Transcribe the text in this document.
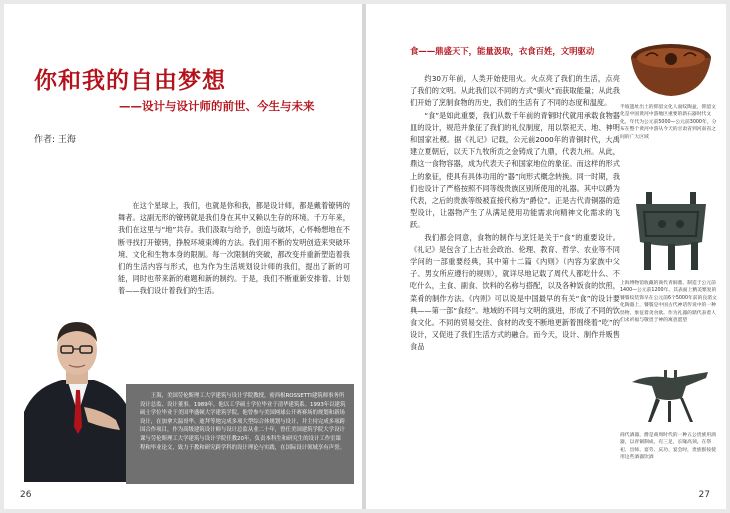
你和我的自由梦想
——设计与设计师的前世、今生与未来
作者: 王海

在这个星球上，我们，也就是你和我，都是设计师，都是戴着镣铐的舞者。这副无形的镣铐就是我们身在其中又赖以生存的环境。千万年来，我们在这里与“地”共存。我们汲取与给予，创造与破坏，心怀畅想地在不断寻找打开镣铐，挣脱环境束缚的方法。我们用不断的发明创造来突破环境、文化和生物本身的限制。每一次限制的突破，都改变并重新塑造着我们的生活内容与形式，也为作为生活规划设计师的我们，提出了新的可能，同时也带来新的难题和新的制约。于是，我们不断重新安排着、计划着——我们设计着我们的生活。

王海，美国劳伦斯理工大学建筑与设计学院教授，密西根ROSSETTI建筑师事务所设计总监、设计董事。1989年，他以工学硕士学位毕业于清华建筑系。1993年以建筑硕士学位毕业于美国华盛顿大学建筑学院。他曾参与美国网球公开赛赛场的规划和新场设计，在加拿大温哥华、迪拜等地完成多项大型综合体规划与设计，并主持完成多项跨国合作项目，作为高级建筑设计师与设计总监从业二十年，曾任美国建筑学院大学设计课与劳伦斯理工大学建筑与设计学院任教20年，负责本科生和研究生的设计工作室课程和毕业论文，致力于教和研究跨学科的设计理论与实践，在国际设计领域享有声誉。

26
食——鼎盛天下，能量汲取，衣食百姓，文明驱动

约30万年前，人类开始使用火。火点亮了我们的生活，点亮了我们的文明。从此我们以不同的方式“驯火”而获取能量；从此我们开始了烹制食物的历史，我们的生活有了不同的态度和温度。

“食”是如此重要，我们从数千年前的青铜时代就用承载食物器皿的设计，规范并象征了我们的礼仪制度，用以祭祀天、地、神明和国家社稷。据《礼记》记载，公元前2000年的青铜时代，大禹建立夏朝后，以天下九牧所贡之金铸成了九鼎，代表九州。从此，鼎这一食物容器，成为代表天子和国家地位的象征。而这样的形式上的象征，使具有具体功用的“器”向形式概念转换。同一时期，我们也设计了严格按照不同等级贵族区别所使用的礼器。其中以爵为代表，之后的贵族等级被直接代称为“爵位”。正是古代青铜器的造型设计，让器物产生了从满足使用功能需求向精神文化需求的飞跃。

我们都会同意，食物的制作与烹饪是关于“食”的重要设计。《礼记》是包含了上古社会政治、伦理、教育、哲学、农业等不同学问的一部重要经典，其中第十二篇《内则》（内容为家族中父子、男女所应遵行的规则），就详尽地记载了周代人都吃什么、不吃什么，主食、副食、饮料的名称与搭配，以及各种饭食的饮煎，菜肴的制作方法。《内则》可以说是中国最早的有关“食”的设计要典——第一部“食经”。地域的不同与文明的演进，形成了不同的饮食文化。不同的贸易交往、食材的改变不断地更新着围绕着“吃”的设计，又促进了我们生活方式的融合。而今天，设计、制作并贩售食品

半坡遗址出土的仰韶文化人面纹陶盆，仰韶文化是中国黄河中游地区重要的新石器时代文化，年代为公元前5000—公元前3000年，分布在整个黄河中游从今天的甘肃省到河南省之间的广大区域
上海博物馆收藏的商代青铜鼎，制造于公元前1400—公元前1200年。其表面上精美繁复的饕餮纹装饰早在公元前6个5000年前的良渚文化陶器上，饕餮是中国古代神话传说中的一种怪物，象征着贪食欲。作为礼器的鼎代表着人们求祈福与敬畏于神的寓意愿望
商代酒器，爵是商周时代的一种五公贵族用酒器，以青铜制成，有三足，长喙高颈。在祭祀、出师、宴劳、庆功、宴会时，贵族群按使用这些酒器饮酒
27
